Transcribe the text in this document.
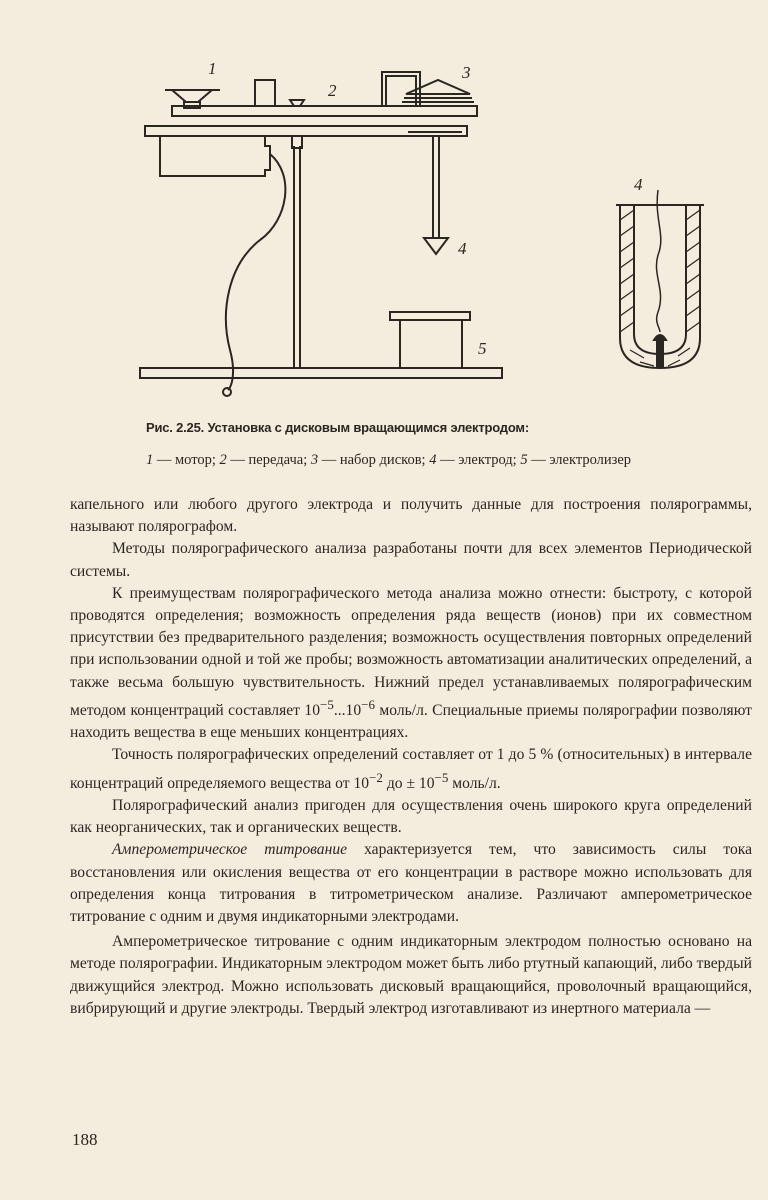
1
2
3
4
5
4
Рис. 2.25. Установка с дисковым вращающимся электродом:
1 — мотор; 2 — передача; 3 — набор дисков; 4 — электрод; 5 — электролизер

капельного или любого другого электрода и получить данные для построения полярограммы, называют полярографом.

Методы полярографического анализа разработаны почти для всех элементов Периодической системы.

К преимуществам полярографического метода анализа можно отнести: быстроту, с которой проводятся определения; возможность определения ряда веществ (ионов) при их совместном присутствии без предварительного разделения; возможность осуществления повторных определений при использовании одной и той же пробы; возможность автоматизации аналитических определений, а также весьма большую чувствительность. Нижний предел устанавливаемых полярографическим методом концентраций составляет $10^{-5}...10^{-6}$ моль/л. Специальные приемы полярографии позволяют находить вещества в еще меньших концентрациях.

Точность полярографических определений составляет от 1 до 5 % (относительных) в интервале концентраций определяемого вещества от $10^{-2}$ до ± $10^{-5}$ моль/л.

Полярографический анализ пригоден для осуществления очень широкого круга определений как неорганических, так и органических веществ.

Амперометрическое титрование характеризуется тем, что зависимость силы тока восстановления или окисления вещества от его концентрации в растворе можно использовать для определения конца титрования в титрометрическом анализе. Различают амперометрическое титрование с одним и двумя индикаторными электродами.

Амперометрическое титрование с одним индикаторным электродом полностью основано на методе полярографии. Индикаторным электродом может быть либо ртутный капающий, либо твердый движущийся электрод. Можно использовать дисковый вращающийся, проволочный вращающийся, вибрирующий и другие электроды. Твердый электрод изготавливают из инертного материала —

188
